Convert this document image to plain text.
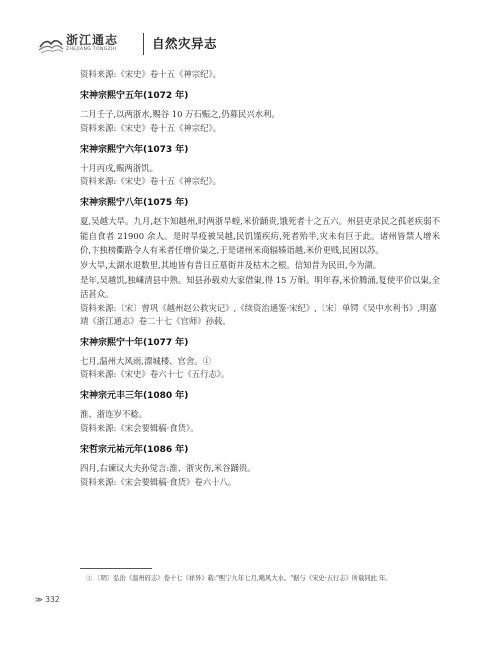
浙江通志
ZHEJIANG TONGZHI	自然灾异志

资料来源:《宋史》卷十五《神宗纪》。

宋神宗熙宁五年(1072 年)

二月壬子,以两浙水,赐谷 10 万石赈之,仍募民兴水利。

资料来源:《宋史》卷十五《神宗纪》。

宋神宗熙宁六年(1073 年)

十月丙戌,赈两浙饥。

资料来源:《宋史》卷十五《神宗纪》。

宋神宗熙宁八年(1075 年)

夏,吴越大旱。九月,赵卞知越州,时两浙旱蝗,米价踊贵,饿死者十之五六。州县吏录民之孤老疾弱不能自食者 21900 余人。是时旱疫被吴越,民饥馑疾疠,死者殆半,灾未有巨于此。诸州皆禁人增米价,卞独榜衢路令人有米者任增价粜之,于是诸州米商辐辏诣越,米价更贱,民困以苏。

岁大旱,太湖水退数里,其地皆有昔日丘墓街井及枯木之根。信知昔为民田,今为湖。

是年,吴越饥,独嵊清县中熟。知县孙载劝大家借粜,得 15 万斛。明年春,米价腾涌,复使平价以粜,全活甚众。

资料来源:〔宋〕曾巩《越州赵公救灾记》,《续资治通鉴·宋纪》,〔宋〕单锷《吴中水利书》,明嘉靖《浙江通志》卷二十七《官师》孙载。

宋神宗熙宁十年(1077 年)

七月,温州大风雨,漂城楼、官舍。①

资料来源:《宋史》卷六十七《五行志》。

宋神宗元丰三年(1080 年)

淮、浙连岁不稔。

资料来源:《宋会要辑稿·食货》。

宋哲宗元祐元年(1086 年)

四月,右谏议大夫孙觉言:淮、浙灾伤,米谷踊贵。

资料来源:《宋会要辑稿·食货》卷六十八。

① 〔明〕弘治《温州府志》卷十七《祥异》载:"熙宁九年七月,飓风大水。"据与《宋史·五行志》所载同此 年。
≫ 332
